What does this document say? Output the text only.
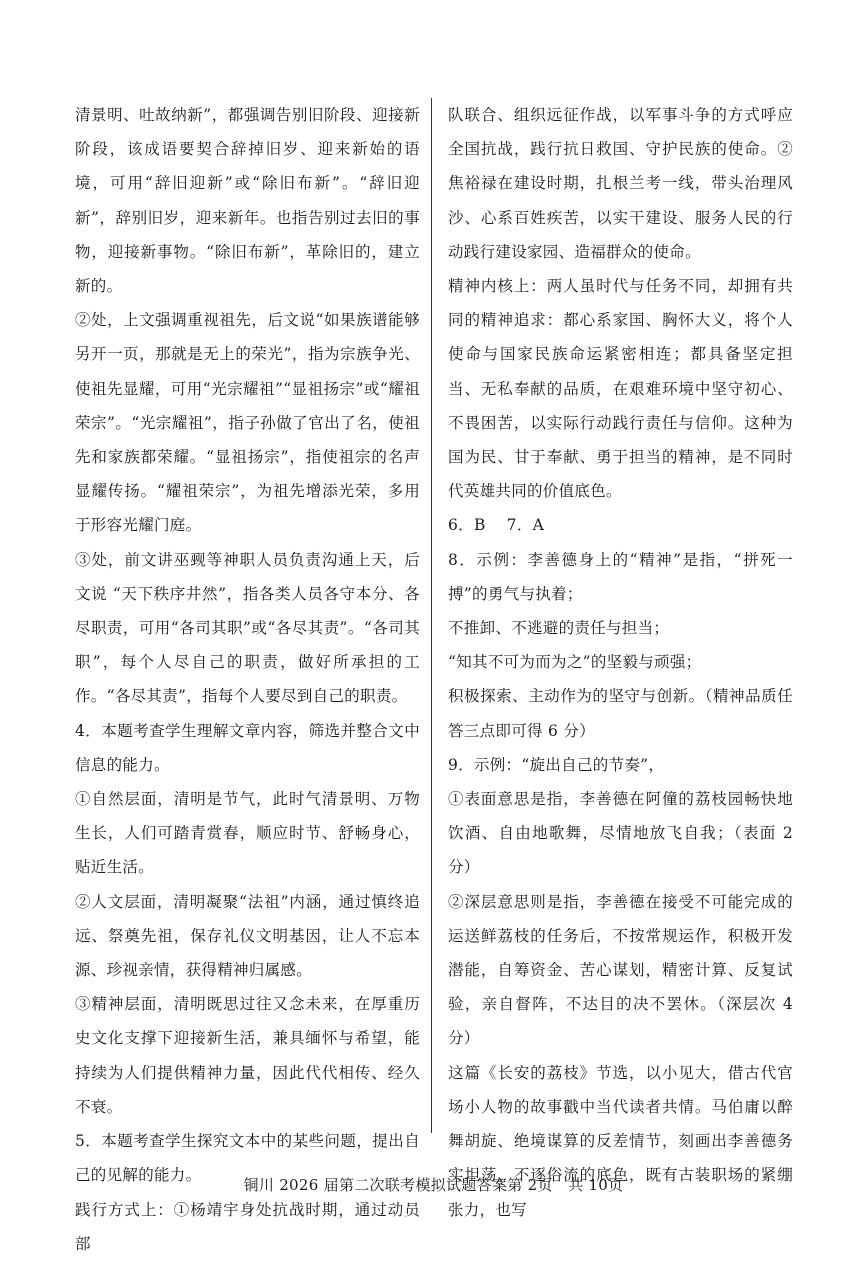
清景明、吐故纳新”，都强调告别旧阶段、迎接新阶段，该成语要契合辞掉旧岁、迎来新始的语境，可用“辞旧迎新”或“除旧布新”。“辞旧迎新”，辞别旧岁，迎来新年。也指告别过去旧的事物，迎接新事物。“除旧布新”，革除旧的，建立新的。

②处，上文强调重视祖先，后文说“如果族谱能够另开一页，那就是无上的荣光”，指为宗族争光、使祖先显耀，可用“光宗耀祖”“显祖扬宗”或“耀祖荣宗”。“光宗耀祖”，指子孙做了官出了名，使祖先和家族都荣耀。“显祖扬宗”，指使祖宗的名声显耀传扬。“耀祖荣宗”，为祖先增添光荣，多用于形容光耀门庭。

③处，前文讲巫觋等神职人员负责沟通上天，后文说 “天下秩序井然”，指各类人员各守本分、各尽职责，可用“各司其职”或“各尽其责”。“各司其职”，每个人尽自己的职责，做好所承担的工作。“各尽其责”，指每个人要尽到自己的职责。

4．本题考查学生理解文章内容，筛选并整合文中信息的能力。

①自然层面，清明是节气，此时气清景明、万物生长，人们可踏青赏春，顺应时节、舒畅身心，贴近生活。

②人文层面，清明凝聚“法祖”内涵，通过慎终追远、祭奠先祖，保存礼仪文明基因，让人不忘本源、珍视亲情，获得精神归属感。

③精神层面，清明既思过往又念未来，在厚重历史文化支撑下迎接新生活，兼具缅怀与希望，能持续为人们提供精神力量，因此代代相传、经久不衰。

5．本题考查学生探究文本中的某些问题，提出自己的见解的能力。

践行方式上：①杨靖宇身处抗战时期，通过动员部

队联合、组织远征作战，以军事斗争的方式呼应全国抗战，践行抗日救国、守护民族的使命。②焦裕禄在建设时期，扎根兰考一线，带头治理风沙、心系百姓疾苦，以实干建设、服务人民的行动践行建设家园、造福群众的使命。

精神内核上：两人虽时代与任务不同，却拥有共同的精神追求：都心系家国、胸怀大义，将个人使命与国家民族命运紧密相连；都具备坚定担当、无私奉献的品质，在艰难环境中坚守初心、不畏困苦，以实际行动践行责任与信仰。这种为国为民、甘于奉献、勇于担当的精神，是不同时代英雄共同的价值底色。

6．B　 7．A

8．示例：李善德身上的“精神”是指，“拼死一搏”的勇气与执着；

不推卸、不逃避的责任与担当；

“知其不可为而为之”的坚毅与顽强；

积极探索、主动作为的坚守与创新。（精神品质任答三点即可得 6 分）

9．示例：“旋出自己的节奏”，

①表面意思是指，李善德在阿僮的荔枝园畅快地饮酒、自由地歌舞，尽情地放飞自我；（表面 2 分）

②深层意思则是指，李善德在接受不可能完成的运送鲜荔枝的任务后，不按常规运作，积极开发潜能，自筹资金、苦心谋划，精密计算、反复试验，亲自督阵，不达目的决不罢休。（深层次 4 分）

这篇《长安的荔枝》节选，以小见大，借古代官场小人物的故事戳中当代读者共情。马伯庸以醉舞胡旋、绝境谋算的反差情节，刻画出李善德务实坦荡、不逐俗流的底色，既有古装职场的紧绷张力，也写

铜川 2026 届第二次联考模拟试题答案第 2页　共 10页
